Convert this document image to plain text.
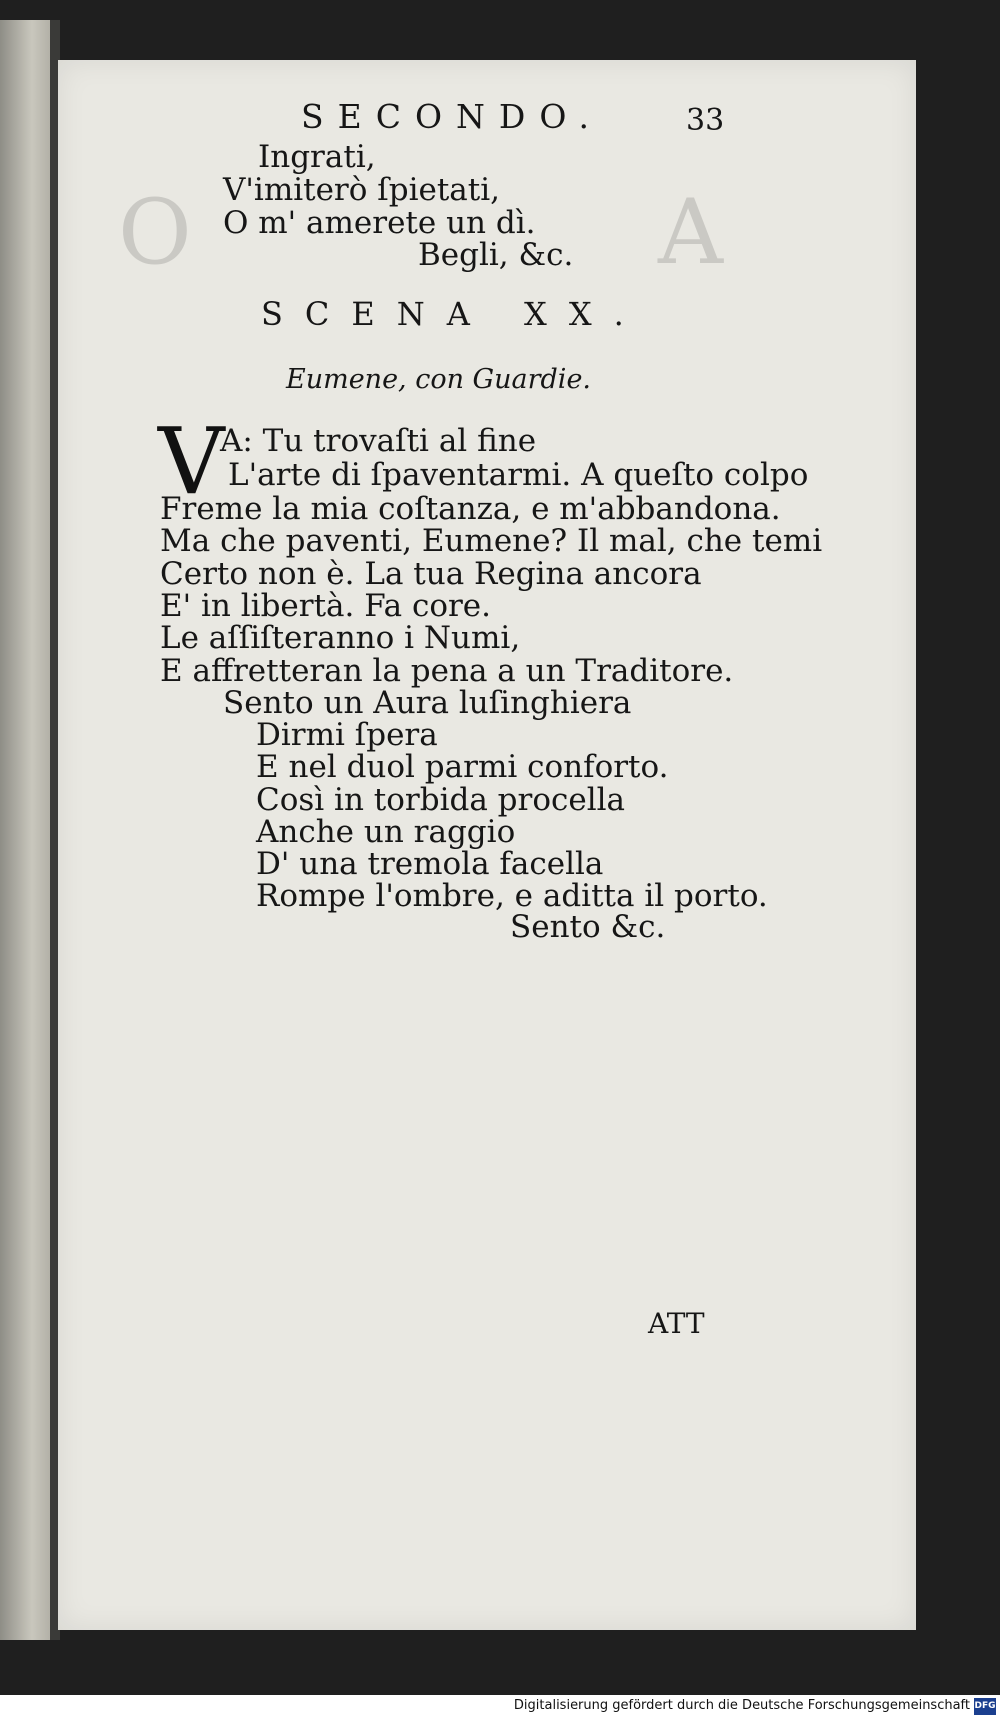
O	A
SECONDO.	33
Ingrati,
V'imiterò ſpietati,
O m' amerete un dì.
Begli, &c.
SCENA XX.
Eumene, con Guardie.
V
A: Tu trovaſti al fine
L'arte di ſpaventarmi. A queſto colpo
Freme la mia coſtanza, e m'abbandona.
Ma che paventi, Eumene? Il mal, che temi
Certo non è. La tua Regina ancora
E' in libertà. Fa core.
Le aſſiſteranno i Numi,
E affretteran la pena a un Traditore.
Sento un Aura luſinghiera
Dirmi ſpera
E nel duol parmi conforto.
Così in torbida procella
Anche un raggio
D' una tremola facella
Rompe l'ombre, e aditta il porto.
Sento &c.
ATT
Digitalisierung gefördert durch die Deutsche Forschungsgemeinschaft DFG
